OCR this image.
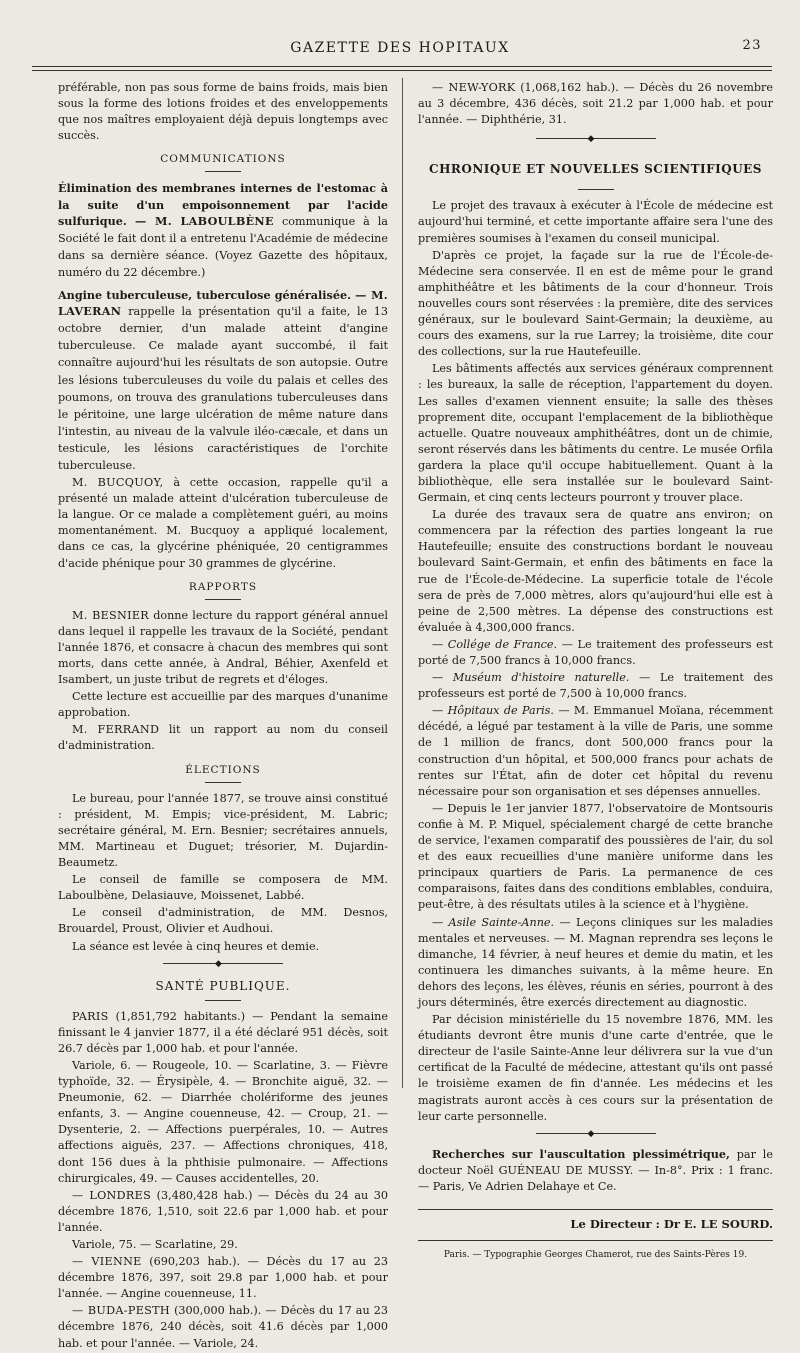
GAZETTE DES HOPITAUX	23

préférable, non pas sous forme de bains froids, mais bien sous la forme des lotions froides et des enveloppements que nos maîtres employaient déjà depuis longtemps avec succès.

COMMUNICATIONS

Élimination des membranes internes de l'estomac à la suite d'un empoisonnement par l'acide sulfurique. — M. LABOULBÈNE communique à la Société le fait dont il a entretenu l'Académie de médecine dans sa dernière séance. (Voyez Gazette des hôpitaux, numéro du 22 décembre.)

Angine tuberculeuse, tuberculose généralisée. — M. LAVERAN rappelle la présentation qu'il a faite, le 13 octobre dernier, d'un malade atteint d'angine tuberculeuse. Ce malade ayant succombé, il fait connaître aujourd'hui les résultats de son autopsie. Outre les lésions tuberculeuses du voile du palais et celles des poumons, on trouva des granulations tuberculeuses dans le péritoine, une large ulcération de même nature dans l'intestin, au niveau de la valvule iléo-cæcale, et dans un testicule, les lésions caractéristiques de l'orchite tuberculeuse.

M. BUCQUOY, à cette occasion, rappelle qu'il a présenté un malade atteint d'ulcération tuberculeuse de la langue. Or ce malade a complètement guéri, au moins momentanément. M. Bucquoy a appliqué localement, dans ce cas, la glycérine phéniquée, 20 centigrammes d'acide phénique pour 30 grammes de glycérine.

RAPPORTS

M. BESNIER donne lecture du rapport général annuel dans lequel il rappelle les travaux de la Société, pendant l'année 1876, et consacre à chacun des membres qui sont morts, dans cette année, à Andral, Béhier, Axenfeld et Isambert, un juste tribut de regrets et d'éloges.

Cette lecture est accueillie par des marques d'unanime approbation.

M. FERRAND lit un rapport au nom du conseil d'administration.

ÉLECTIONS

Le bureau, pour l'année 1877, se trouve ainsi constitué : président, M. Empis; vice-président, M. Labric; secrétaire général, M. Ern. Besnier; secrétaires annuels, MM. Martineau et Duguet; trésorier, M. Dujardin-Beaumetz.

Le conseil de famille se composera de MM. Laboulbène, Delasiauve, Moissenet, Labbé.

Le conseil d'administration, de MM. Desnos, Brouardel, Proust, Olivier et Audhoui.

La séance est levée à cinq heures et demie.

◆
SANTÉ PUBLIQUE.

PARIS (1,851,792 habitants.) — Pendant la semaine finissant le 4 janvier 1877, il a été déclaré 951 décès, soit 26.7 décès par 1,000 hab. et pour l'année.

Variole, 6. — Rougeole, 10. — Scarlatine, 3. — Fièvre typhoïde, 32. — Érysipèle, 4. — Bronchite aiguë, 32. — Pneumonie, 62. — Diarrhée cholériforme des jeunes enfants, 3. — Angine couenneuse, 42. — Croup, 21. — Dysenterie, 2. — Affections puerpérales, 10. — Autres affections aiguës, 237. — Affections chroniques, 418, dont 156 dues à la phthisie pulmonaire. — Affections chirurgicales, 49. — Causes accidentelles, 20.

— LONDRES (3,480,428 hab.) — Décès du 24 au 30 décembre 1876, 1,510, soit 22.6 par 1,000 hab. et pour l'année.

Variole, 75. — Scarlatine, 29.

— VIENNE (690,203 hab.). — Décès du 17 au 23 décembre 1876, 397, soit 29.8 par 1,000 hab. et pour l'année. — Angine couenneuse, 11.

— BUDA-PESTH (300,000 hab.). — Décès du 17 au 23 décembre 1876, 240 décès, soit 41.6 décès par 1,000 hab. et pour l'année. — Variole, 24.

— NEW-YORK (1,068,162 hab.). — Décès du 26 novembre au 3 décembre, 436 décès, soit 21.2 par 1,000 hab. et pour l'année. — Diphthérie, 31.

◆
CHRONIQUE ET NOUVELLES SCIENTIFIQUES

Le projet des travaux à exécuter à l'École de médecine est aujourd'hui terminé, et cette importante affaire sera l'une des premières soumises à l'examen du conseil municipal.

D'après ce projet, la façade sur la rue de l'École-de-Médecine sera conservée. Il en est de même pour le grand amphithéâtre et les bâtiments de la cour d'honneur. Trois nouvelles cours sont réservées : la première, dite des services généraux, sur le boulevard Saint-Germain; la deuxième, au cours des examens, sur la rue Larrey; la troisième, dite cour des collections, sur la rue Hautefeuille.

Les bâtiments affectés aux services généraux comprennent : les bureaux, la salle de réception, l'appartement du doyen. Les salles d'examen viennent ensuite; la salle des thèses proprement dite, occupant l'emplacement de la bibliothèque actuelle. Quatre nouveaux amphithéâtres, dont un de chimie, seront réservés dans les bâtiments du centre. Le musée Orfila gardera la place qu'il occupe habituellement. Quant à la bibliothèque, elle sera installée sur le boulevard Saint-Germain, et cinq cents lecteurs pourront y trouver place.

La durée des travaux sera de quatre ans environ; on commencera par la réfection des parties longeant la rue Hautefeuille; ensuite des constructions bordant le nouveau boulevard Saint-Germain, et enfin des bâtiments en face la rue de l'École-de-Médecine. La superficie totale de l'école sera de près de 7,000 mètres, alors qu'aujourd'hui elle est à peine de 2,500 mètres. La dépense des constructions est évaluée à 4,300,000 francs.

— Collége de France. — Le traitement des professeurs est porté de 7,500 francs à 10,000 francs.

— Muséum d'histoire naturelle. — Le traitement des professeurs est porté de 7,500 à 10,000 francs.

— Hôpitaux de Paris. — M. Emmanuel Moïana, récemment décédé, a légué par testament à la ville de Paris, une somme de 1 million de francs, dont 500,000 francs pour la construction d'un hôpital, et 500,000 francs pour achats de rentes sur l'État, afin de doter cet hôpital du revenu nécessaire pour son organisation et ses dépenses annuelles.

— Depuis le 1er janvier 1877, l'observatoire de Montsouris confie à M. P. Miquel, spécialement chargé de cette branche de service, l'examen comparatif des poussières de l'air, du sol et des eaux recueillies d'une manière uniforme dans les principaux quartiers de Paris. La permanence de ces comparaisons, faites dans des conditions emblables, conduira, peut-être, à des résultats utiles à la science et à l'hygiène.

— Asile Sainte-Anne. — Leçons cliniques sur les maladies mentales et nerveuses. — M. Magnan reprendra ses leçons le dimanche, 14 février, à neuf heures et demie du matin, et les continuera les dimanches suivants, à la même heure. En dehors des leçons, les élèves, réunis en séries, pourront à des jours déterminés, être exercés directement au diagnostic.

Par décision ministérielle du 15 novembre 1876, MM. les étudiants devront être munis d'une carte d'entrée, que le directeur de l'asile Sainte-Anne leur délivrera sur la vue d'un certificat de la Faculté de médecine, attestant qu'ils ont passé le troisième examen de fin d'année. Les médecins et les magistrats auront accès à ces cours sur la présentation de leur carte personnelle.

◆

Recherches sur l'auscultation plessimétrique, par le docteur Noël GUÉNEAU DE MUSSY. — In-8°. Prix : 1 franc. — Paris, Ve Adrien Delahaye et Ce.

Le Directeur : Dr E. LE SOURD.
Paris. — Typographie Georges Chamerot, rue des Saints-Pères 19.
